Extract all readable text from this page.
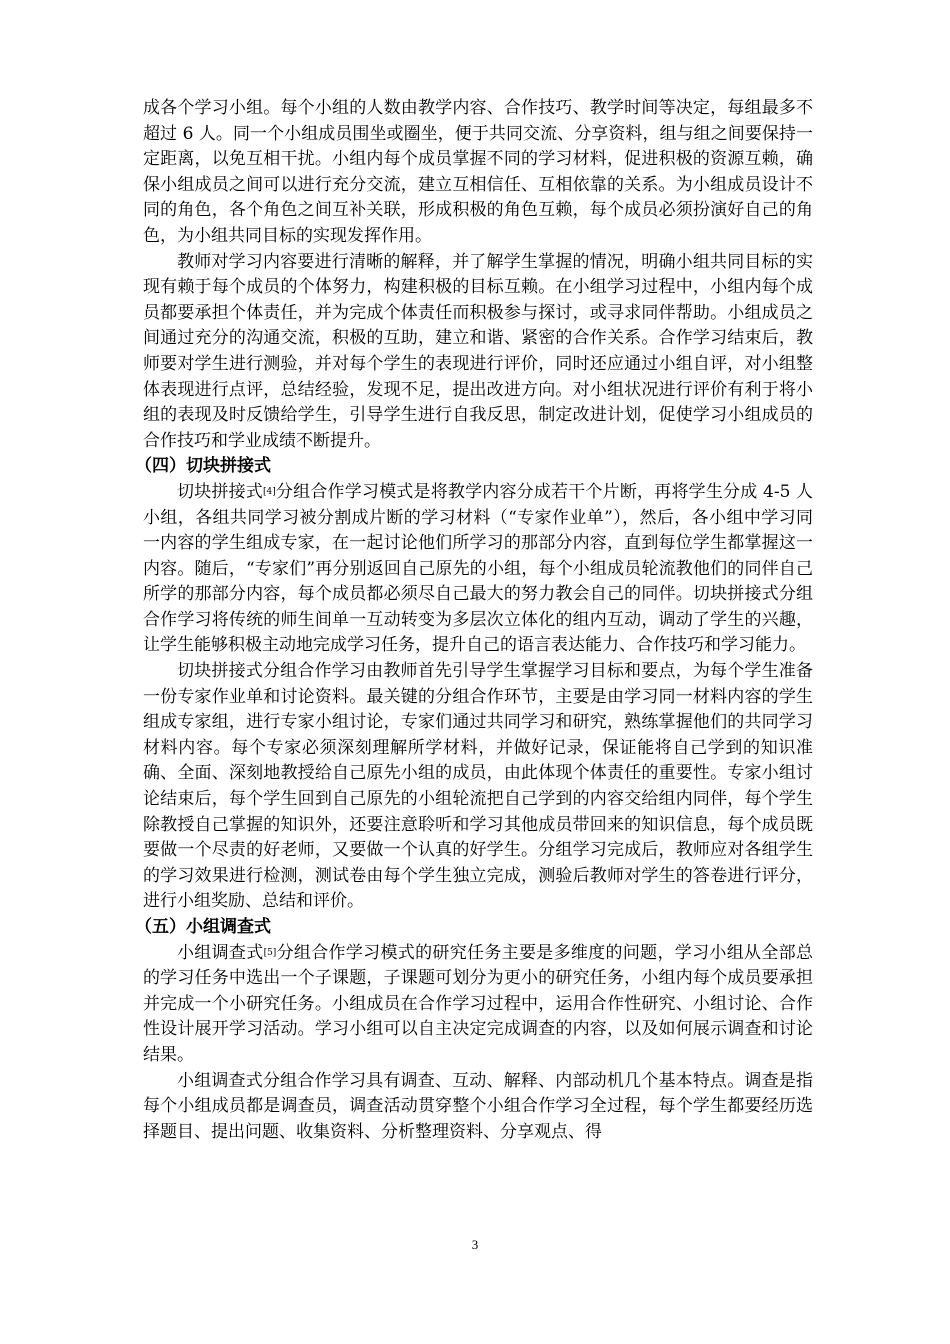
成各个学习小组。每个小组的人数由教学内容、合作技巧、教学时间等决定，每组最多不超过 6 人。同一个小组成员围坐或圈坐，便于共同交流、分享资料，组与组之间要保持一定距离，以免互相干扰。小组内每个成员掌握不同的学习材料，促进积极的资源互赖，确保小组成员之间可以进行充分交流，建立互相信任、互相依靠的关系。为小组成员设计不同的角色，各个角色之间互补关联，形成积极的角色互赖，每个成员必须扮演好自己的角色，为小组共同目标的实现发挥作用。

教师对学习内容要进行清晰的解释，并了解学生掌握的情况，明确小组共同目标的实现有赖于每个成员的个体努力，构建积极的目标互赖。在小组学习过程中，小组内每个成员都要承担个体责任，并为完成个体责任而积极参与探讨，或寻求同伴帮助。小组成员之间通过充分的沟通交流，积极的互助，建立和谐、紧密的合作关系。合作学习结束后，教师要对学生进行测验，并对每个学生的表现进行评价，同时还应通过小组自评，对小组整体表现进行点评，总结经验，发现不足，提出改进方向。对小组状况进行评价有利于将小组的表现及时反馈给学生，引导学生进行自我反思，制定改进计划，促使学习小组成员的合作技巧和学业成绩不断提升。

（四）切块拼接式

切块拼接式[4]分组合作学习模式是将教学内容分成若干个片断，再将学生分成 4-5 人小组，各组共同学习被分割成片断的学习材料（“专家作业单”），然后，各小组中学习同一内容的学生组成专家，在一起讨论他们所学习的那部分内容，直到每位学生都掌握这一内容。随后，“专家们”再分别返回自己原先的小组，每个小组成员轮流教他们的同伴自己所学的那部分内容，每个成员都必须尽自己最大的努力教会自己的同伴。切块拼接式分组合作学习将传统的师生间单一互动转变为多层次立体化的组内互动，调动了学生的兴趣，让学生能够积极主动地完成学习任务，提升自己的语言表达能力、合作技巧和学习能力。

切块拼接式分组合作学习由教师首先引导学生掌握学习目标和要点，为每个学生准备一份专家作业单和讨论资料。最关键的分组合作环节，主要是由学习同一材料内容的学生组成专家组，进行专家小组讨论，专家们通过共同学习和研究，熟练掌握他们的共同学习材料内容。每个专家必须深刻理解所学材料，并做好记录，保证能将自己学到的知识准确、全面、深刻地教授给自己原先小组的成员，由此体现个体责任的重要性。专家小组讨论结束后，每个学生回到自己原先的小组轮流把自己学到的内容交给组内同伴，每个学生除教授自己掌握的知识外，还要注意聆听和学习其他成员带回来的知识信息，每个成员既要做一个尽责的好老师，又要做一个认真的好学生。分组学习完成后，教师应对各组学生的学习效果进行检测，测试卷由每个学生独立完成，测验后教师对学生的答卷进行评分，进行小组奖励、总结和评价。

（五）小组调查式

小组调查式[5]分组合作学习模式的研究任务主要是多维度的问题，学习小组从全部总的学习任务中选出一个子课题，子课题可划分为更小的研究任务，小组内每个成员要承担并完成一个小研究任务。小组成员在合作学习过程中，运用合作性研究、小组讨论、合作性设计展开学习活动。学习小组可以自主决定完成调查的内容，以及如何展示调查和讨论结果。

小组调查式分组合作学习具有调查、互动、解释、内部动机几个基本特点。调查是指每个小组成员都是调查员，调查活动贯穿整个小组合作学习全过程，每个学生都要经历选择题目、提出问题、收集资料、分析整理资料、分享观点、得

3
